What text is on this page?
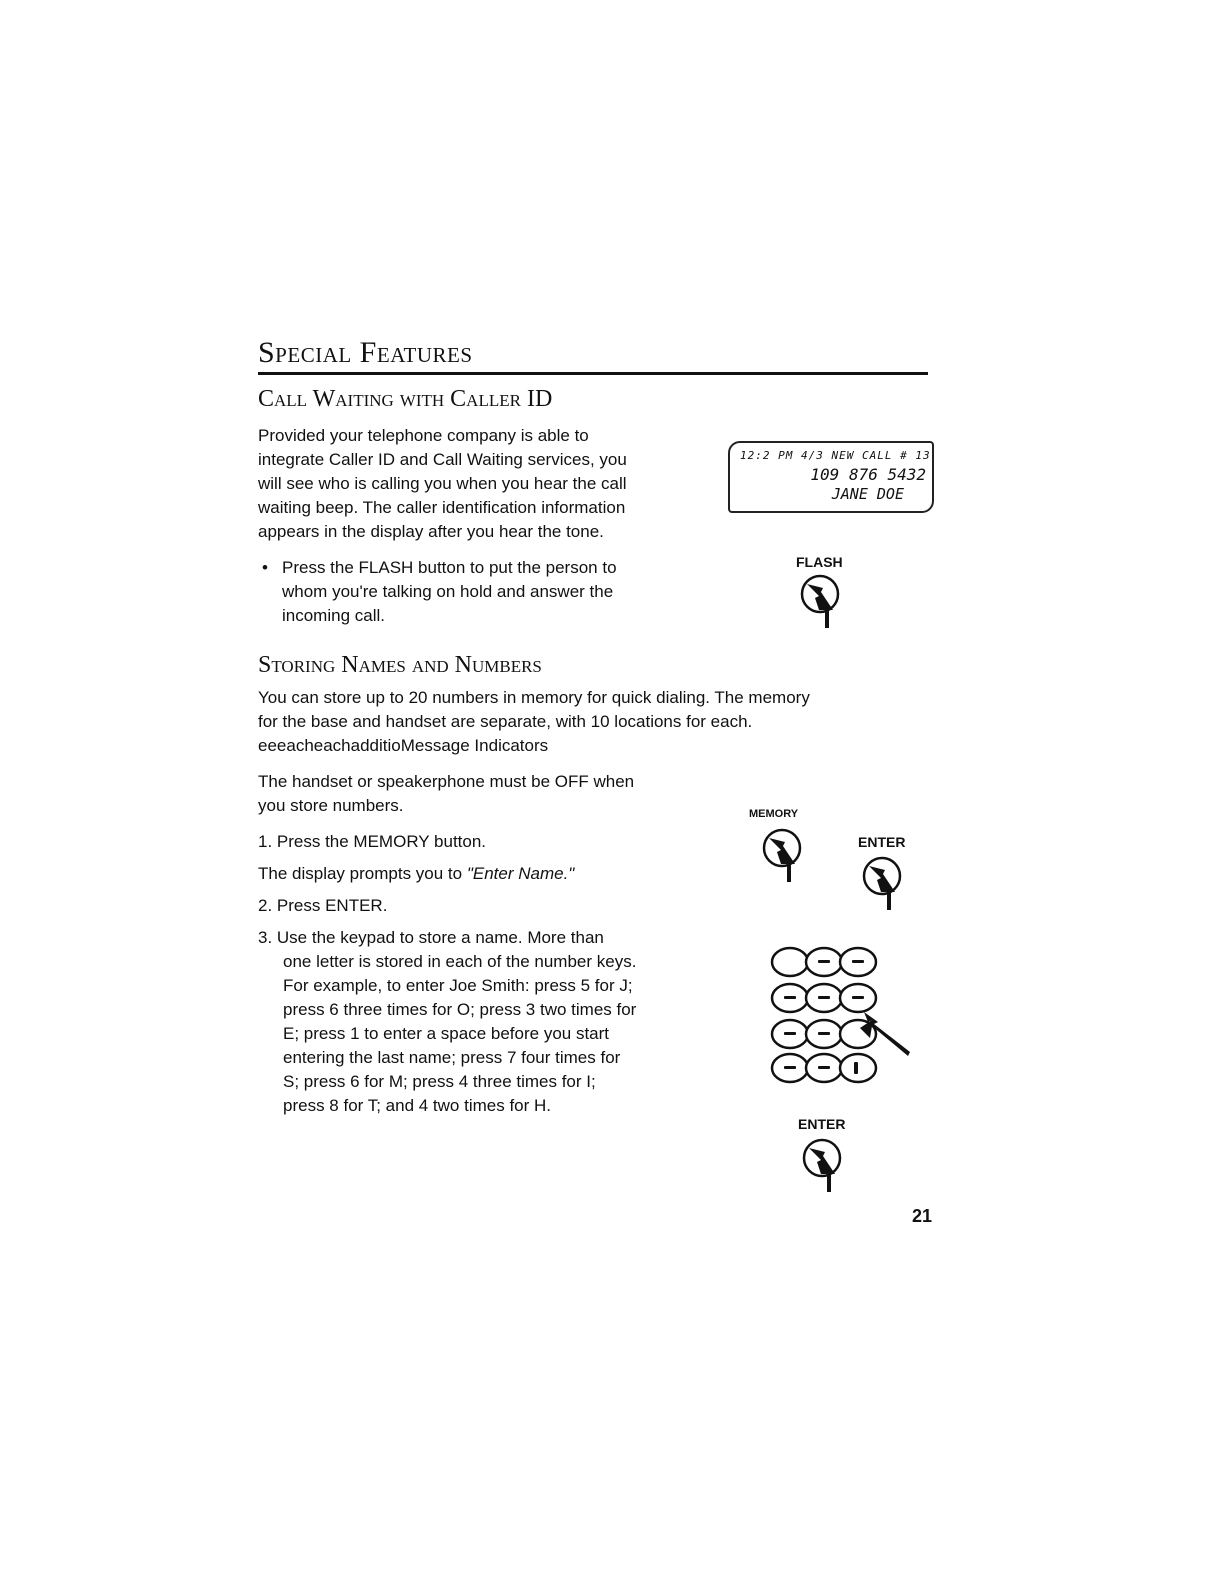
Special Features
Call Waiting with Caller ID
Provided your telephone company is able to
integrate Caller ID and Call Waiting services, you
will see who is calling you when you hear the call
waiting beep. The caller identification information
appears in the display after you hear the tone.
• Press the FLASH button to put the person to
whom you're talking on hold and answer the
incoming call.
12:2 PM 4/3 NEW CALL # 13
109 876 5432
JANE DOE
FLASH
Storing Names and Numbers
You can store up to 20 numbers in memory for quick dialing. The memory
for the base and handset are separate, with 10 locations for each.
eeeacheachadditioMessage Indicators
The handset or speakerphone must be OFF when
you store numbers.
1. Press the MEMORY button.
The display prompts you to "Enter Name."
2. Press ENTER.
3. Use the keypad to store a name. More than
one letter is stored in each of the number keys.
For example, to enter Joe Smith: press 5 for J;
press 6 three times for O; press 3 two times for
E; press 1 to enter a space before you start
entering the last name; press 7 four times for
S; press 6 for M; press 4 three times for I;
press 8 for T; and 4 two times for H.
MEMORY
ENTER
ENTER
21
